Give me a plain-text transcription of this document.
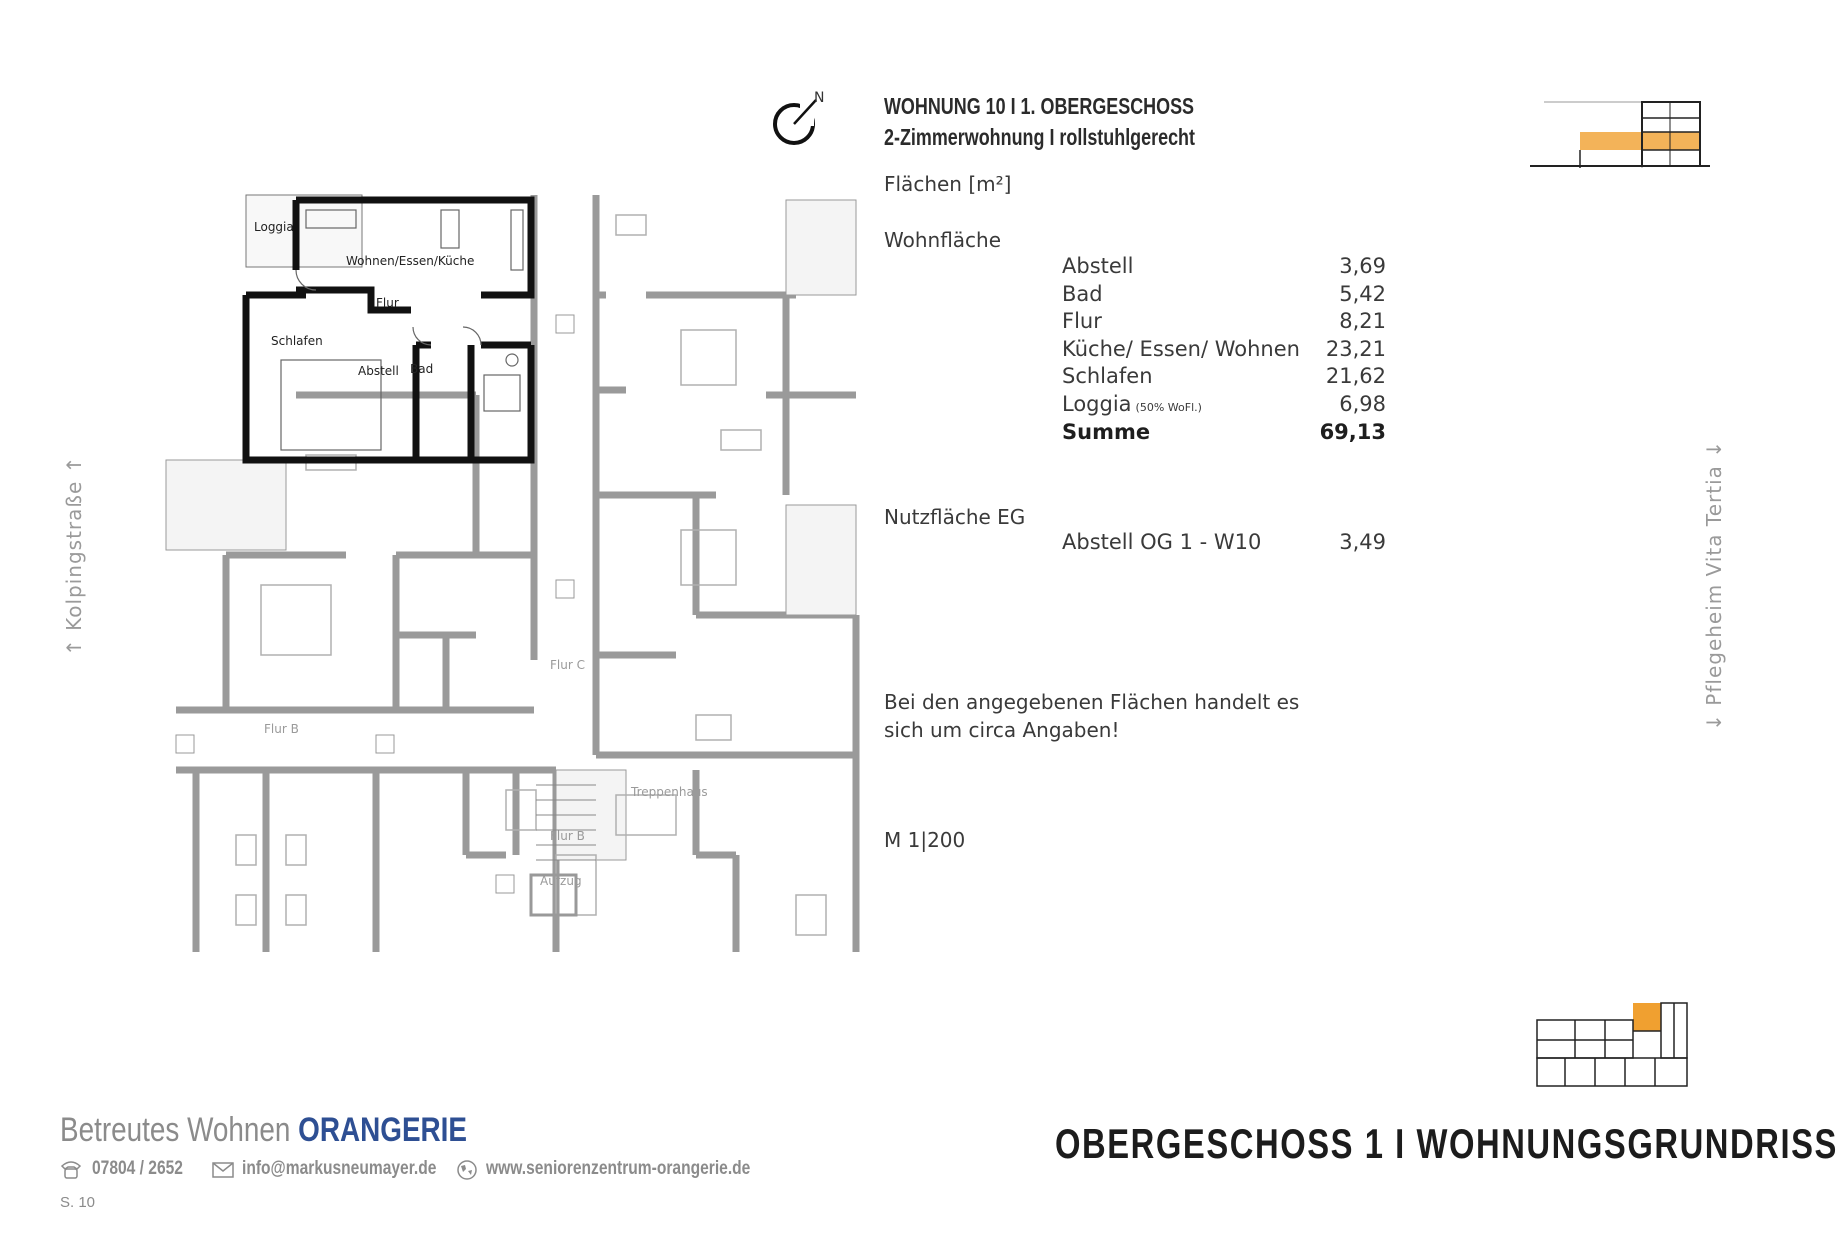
N	WOHNUNG 10 I 1. OBERGESCHOSS
2-Zimmerwohnung I rollstuhlgerecht
Flächen [m²]
Wohnfläche
Abstell	3,69
Bad	5,42
Flur	8,21
Küche/ Essen/ Wohnen 23,21
Schlafen	21,62
Loggia (50% WoFl.)	6,98
Summe	69,13
Nutzfläche EG
Abstell OG 1 - W10	3,49
Bei den angegebenen Flächen handelt es
sich um circa Angaben!
M 1|200
↑ Kolpingstraße ↑	↓ Pflegeheim Vita Tertia ↓
Loggia
Wohnen/Essen/Küche
Flur
Schlafen
Abstell Bad
Flur C
Flur B
Flur B
Treppenhaus
Aufzug
Betreutes Wohnen ORANGERIE
07804 / 2652	info@markusneumayer.de	www.seniorenzentrum-orangerie.de
S. 10
OBERGESCHOSS 1 I WOHNUNGSGRUNDRISS
